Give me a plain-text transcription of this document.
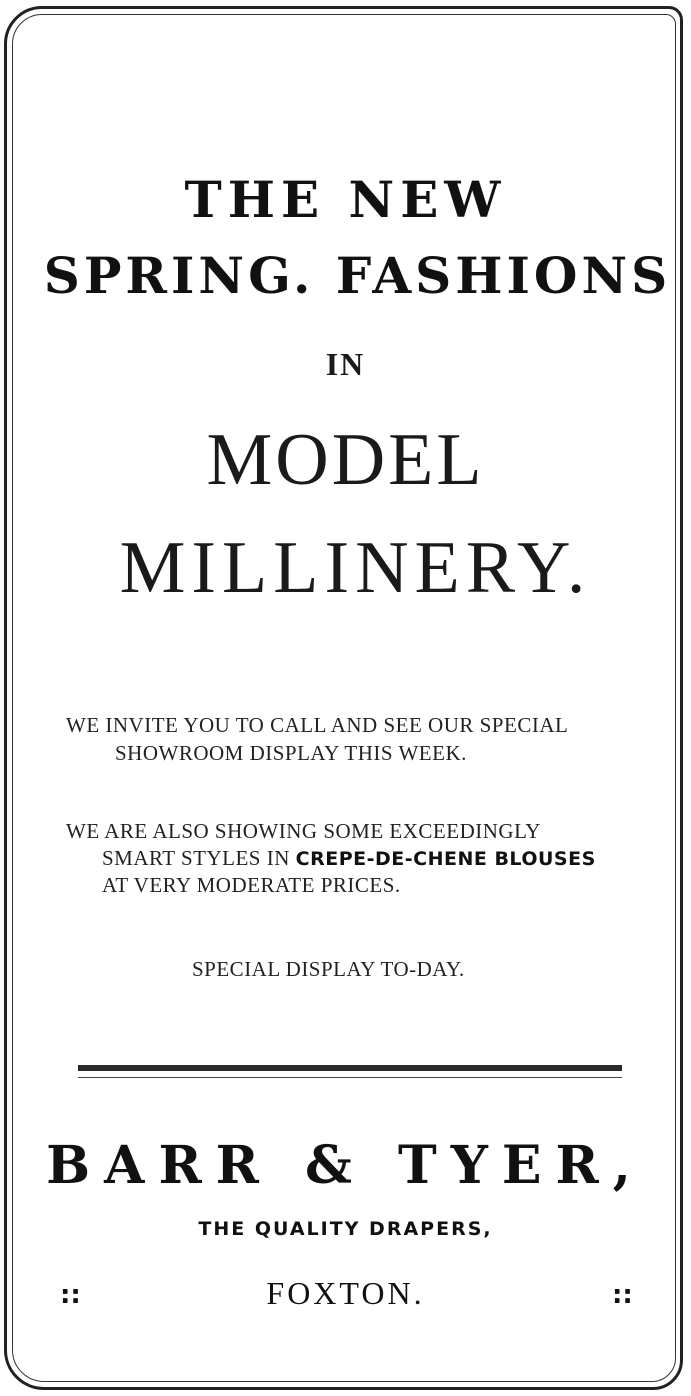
THE NEW

SPRING. FASHIONS

IN

MODEL

MILLINERY.

WE INVITE YOU TO CALL AND SEE OUR SPECIAL

SHOWROOM DISPLAY THIS WEEK.

WE ARE ALSO SHOWING SOME EXCEEDINGLY

SMART STYLES IN CREPE-DE-CHENE BLOUSES

AT VERY MODERATE PRICES.

SPECIAL DISPLAY TO-DAY.

BARR & TYER,

THE QUALITY DRAPERS,

FOXTON.

::	::
